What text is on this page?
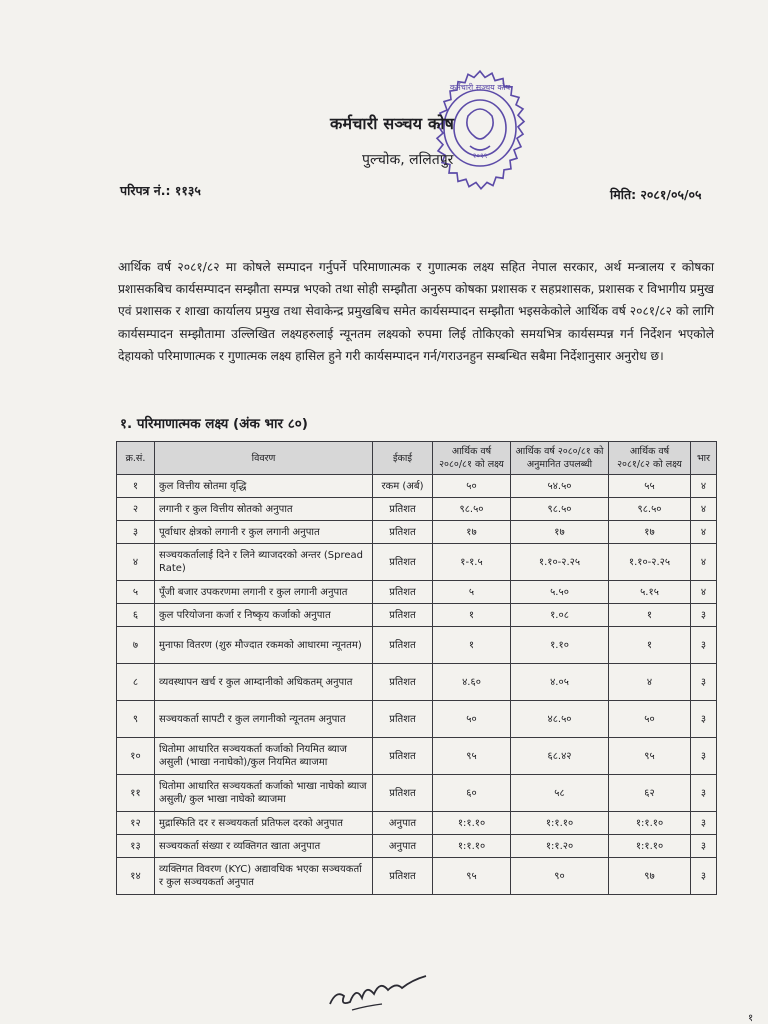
कर्मचारी सञ्चय कोष
२०१९
कर्मचारी सञ्चय कोष
पुल्चोक, ललितपुर
परिपत्र नं.: ११३५	मिति: २०८१/०५/०५

आर्थिक वर्ष २०८१/८२ मा कोषले सम्पादन गर्नुपर्ने परिमाणात्मक र गुणात्मक लक्ष्य सहित नेपाल सरकार, अर्थ मन्त्रालय र कोषका प्रशासकबिच कार्यसम्पादन सम्झौता सम्पन्न भएको तथा सोही सम्झौता अनुरुप कोषका प्रशासक र सहप्रशासक, प्रशासक र विभागीय प्रमुख एवं प्रशासक र शाखा कार्यालय प्रमुख तथा सेवाकेन्द्र प्रमुखबिच समेत कार्यसम्पादन सम्झौता भइसकेकोले आर्थिक वर्ष २०८१/८२ को लागि कार्यसम्पादन सम्झौतामा उल्लिखित लक्ष्यहरुलाई न्यूनतम लक्ष्यको रुपमा लिई तोकिएको समयभित्र कार्यसम्पन्न गर्न निर्देशन भएकोले देहायको परिमाणात्मक र गुणात्मक लक्ष्य हासिल हुने गरी कार्यसम्पादन गर्न/गराउनहुन सम्बन्धित सबैमा निर्देशानुसार अनुरोध छ।

१. परिमाणात्मक लक्ष्य (अंक भार ८०)
क्र.सं.	विवरण	ईकाई	आर्थिक वर्ष २०८०/८१ को लक्ष्य	आर्थिक वर्ष २०८०/८१ को अनुमानित उपलब्धी	आर्थिक वर्ष २०८१/८२ को लक्ष्य	भार
१	कुल वित्तीय स्रोतमा वृद्धि	रकम (अर्ब)	५०	५४.५०	५५	४
२	लगानी र कुल वित्तीय स्रोतको अनुपात	प्रतिशत	९८.५०	९८.५०	९८.५०	४
३	पूर्वाधार क्षेत्रको लगानी र कुल लगानी अनुपात	प्रतिशत	१७	१७	१७	४
४	सञ्चयकर्तालाई दिने र लिने ब्याजदरको अन्तर (Spread Rate)	प्रतिशत	१-१.५	१.१०-२.२५	१.१०-२.२५	४
५	पूँजी बजार उपकरणमा लगानी र कुल लगानी अनुपात	प्रतिशत	५	५.५०	५.१५	४
६	कुल परियोजना कर्जा र निष्कृय कर्जाको अनुपात	प्रतिशत	१	१.०८	१	३
७	मुनाफा वितरण (शुरु मौज्दात रकमको आधारमा न्यूनतम)	प्रतिशत	१	१.१०	१	३
८	व्यवस्थापन खर्च र कुल आम्दानीको अधिकतम् अनुपात	प्रतिशत	४.६०	४.०५	४	३
९	सञ्चयकर्ता सापटी र कुल लगानीको न्यूनतम अनुपात	प्रतिशत	५०	४८.५०	५०	३
१०	धितोमा आधारित सञ्चयकर्ता कर्जाको नियमित ब्याज असुली (भाखा ननाघेको)/कुल नियमित ब्याजमा	प्रतिशत	९५	६८.४२	९५	३
११	धितोमा आधारित सञ्चयकर्ता कर्जाको भाखा नाघेको ब्याज असुली/ कुल भाखा नाघेको ब्याजमा	प्रतिशत	६०	५८	६२	३
१२	मुद्रास्फिति दर र सञ्चयकर्ता प्रतिफल दरको अनुपात	अनुपात	१:१.१०	१:१.१०	१:१.१०	३
१३	सञ्चयकर्ता संख्या र व्यक्तिगत खाता अनुपात	अनुपात	१:१.१०	१:१.२०	१:१.१०	३
१४	व्यक्तिगत विवरण (KYC) अद्यावधिक भएका सञ्चयकर्ता र कुल सञ्चयकर्ता अनुपात	प्रतिशत	९५	९०	९७	३
१
